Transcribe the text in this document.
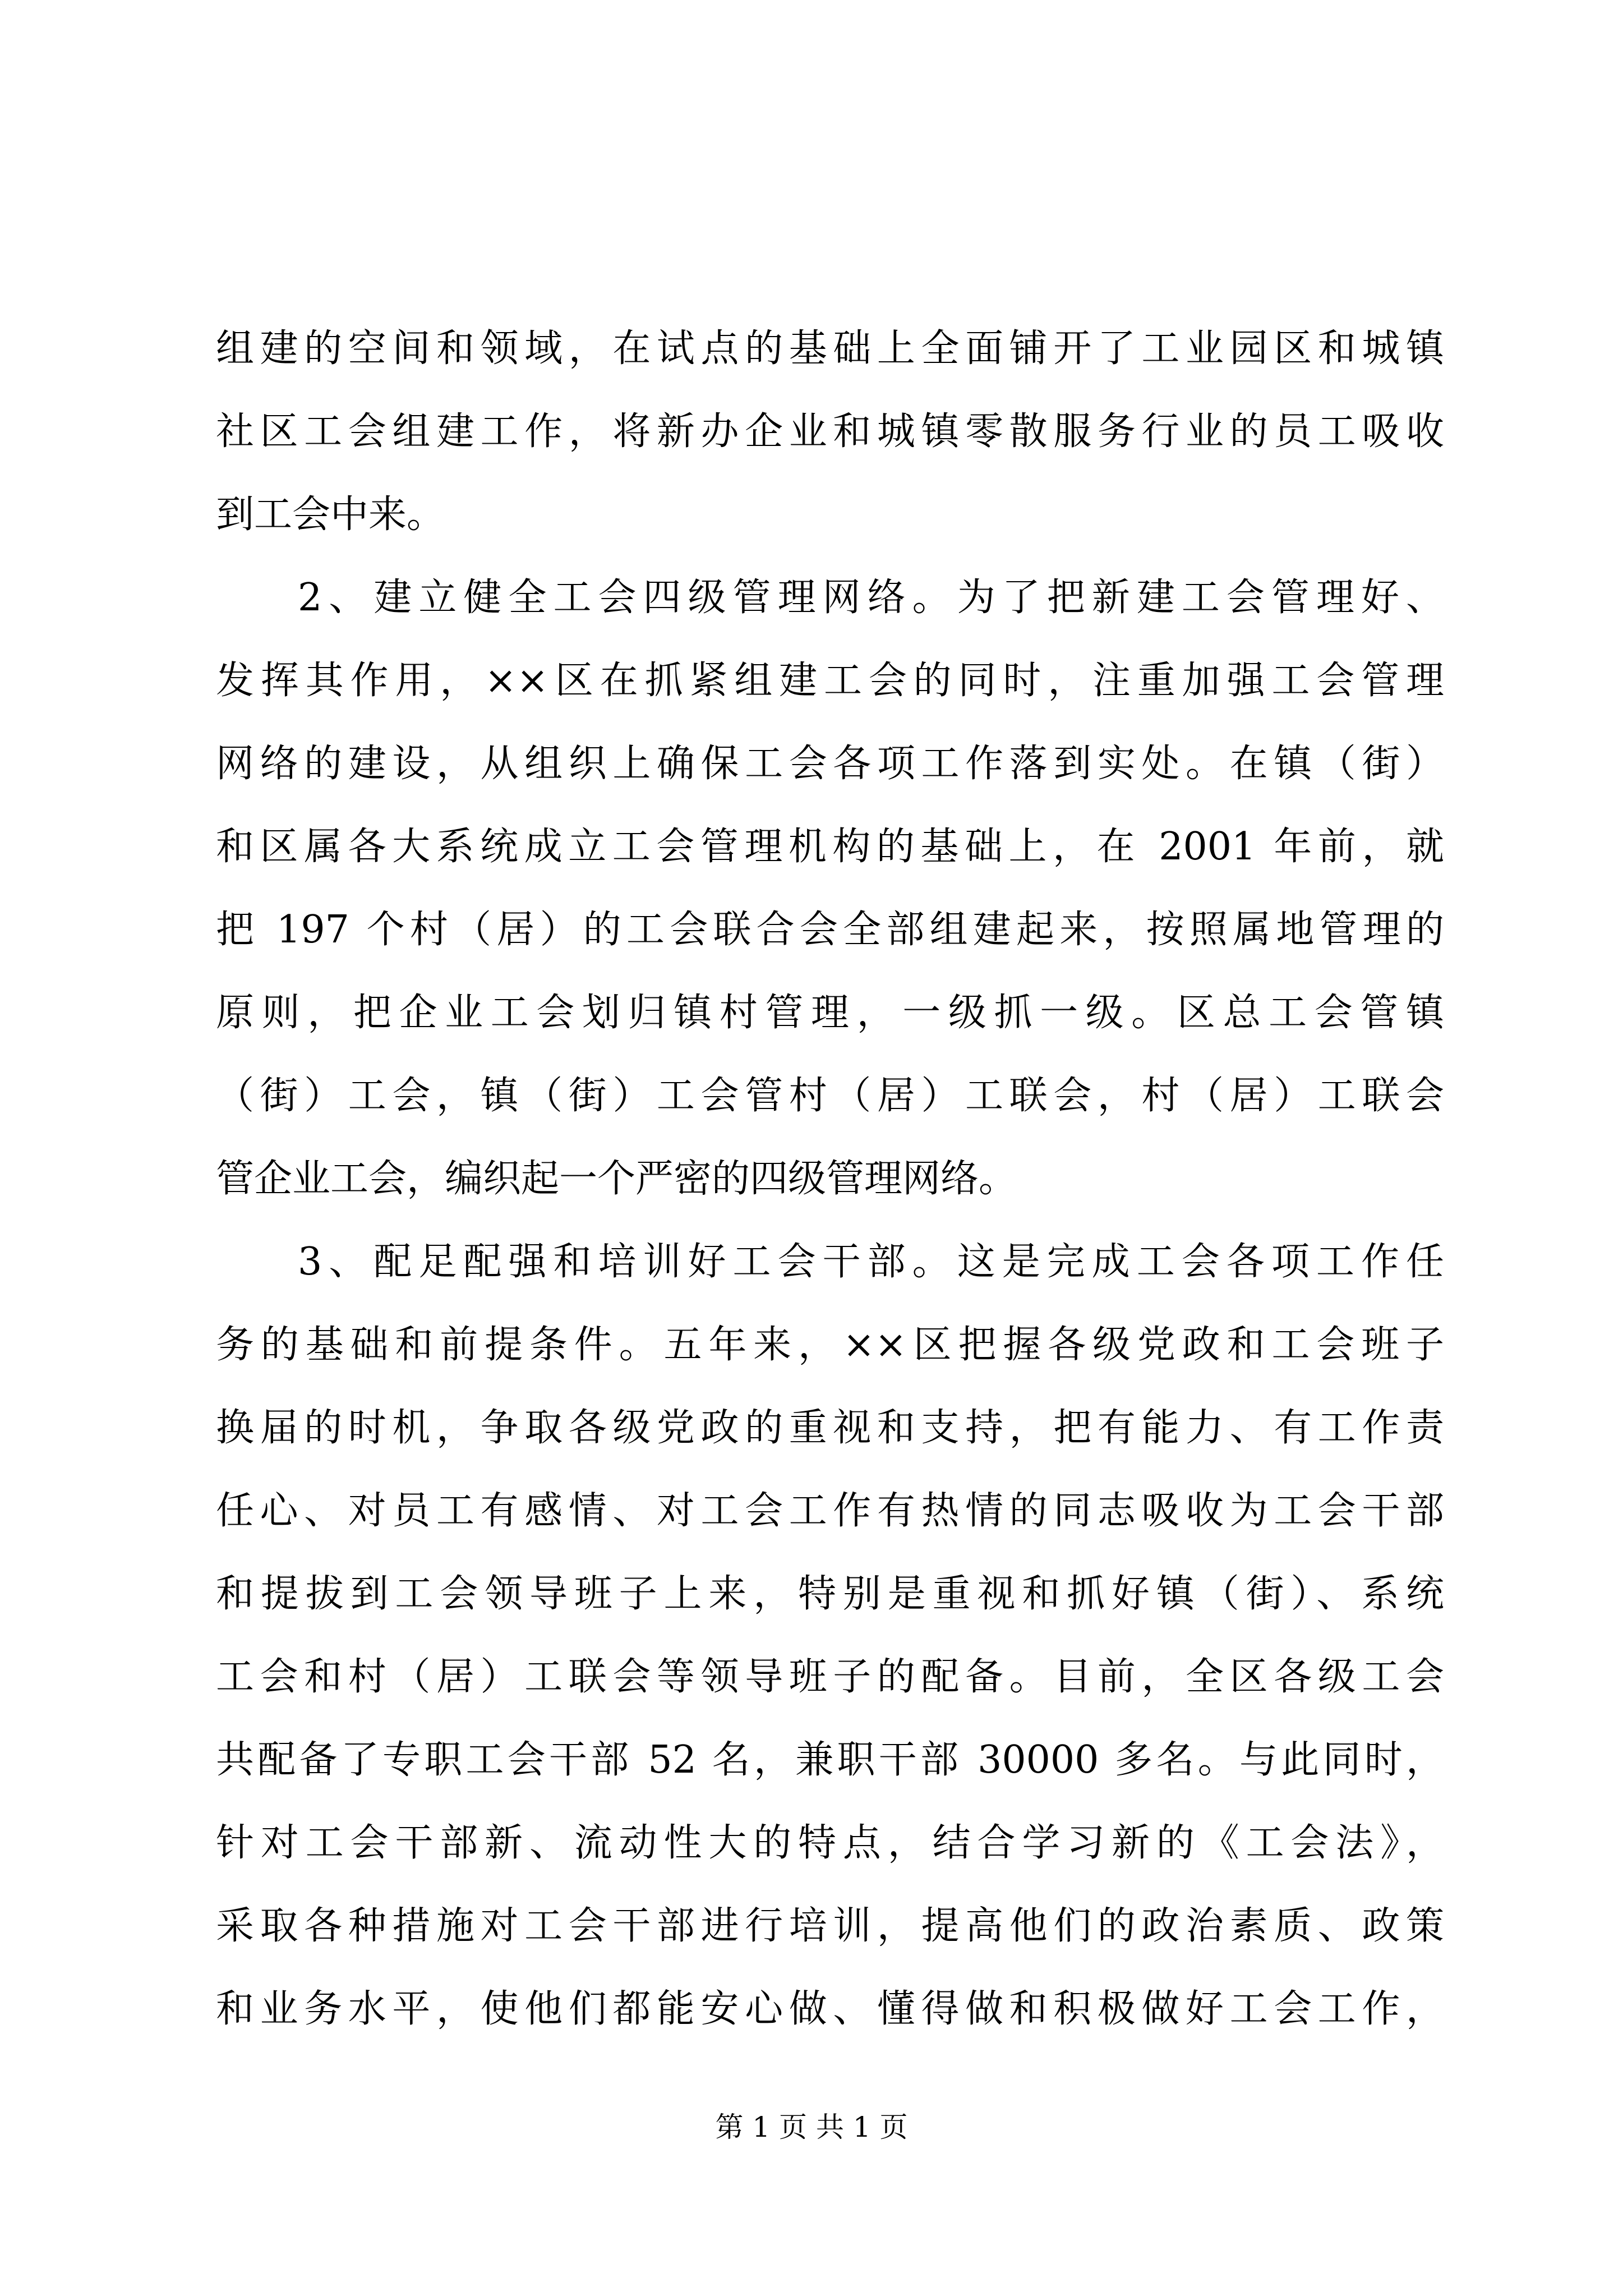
组建的空间和领域，在试点的基础上全面铺开了工业园区和城镇
社区工会组建工作，将新办企业和城镇零散服务行业的员工吸收
到工会中来。
2、建立健全工会四级管理网络。为了把新建工会管理好、
发挥其作用，××区在抓紧组建工会的同时，注重加强工会管理
网络的建设，从组织上确保工会各项工作落到实处。在镇（街）
和区属各大系统成立工会管理机构的基础上，在 2001 年前，就
把 197 个村（居）的工会联合会全部组建起来，按照属地管理的
原则，把企业工会划归镇村管理，一级抓一级。区总工会管镇
（街）工会，镇（街）工会管村（居）工联会，村（居）工联会
管企业工会，编织起一个严密的四级管理网络。
3、配足配强和培训好工会干部。这是完成工会各项工作任
务的基础和前提条件。五年来，××区把握各级党政和工会班子
换届的时机，争取各级党政的重视和支持，把有能力、有工作责
任心、对员工有感情、对工会工作有热情的同志吸收为工会干部
和提拔到工会领导班子上来，特别是重视和抓好镇（街）、系统
工会和村（居）工联会等领导班子的配备。目前，全区各级工会
共配备了专职工会干部 52 名，兼职干部 30000 多名。与此同时，
针对工会干部新、流动性大的特点，结合学习新的《工会法》，
采取各种措施对工会干部进行培训，提高他们的政治素质、政策
和业务水平，使他们都能安心做、懂得做和积极做好工会工作，
第 1 页 共 1 页
